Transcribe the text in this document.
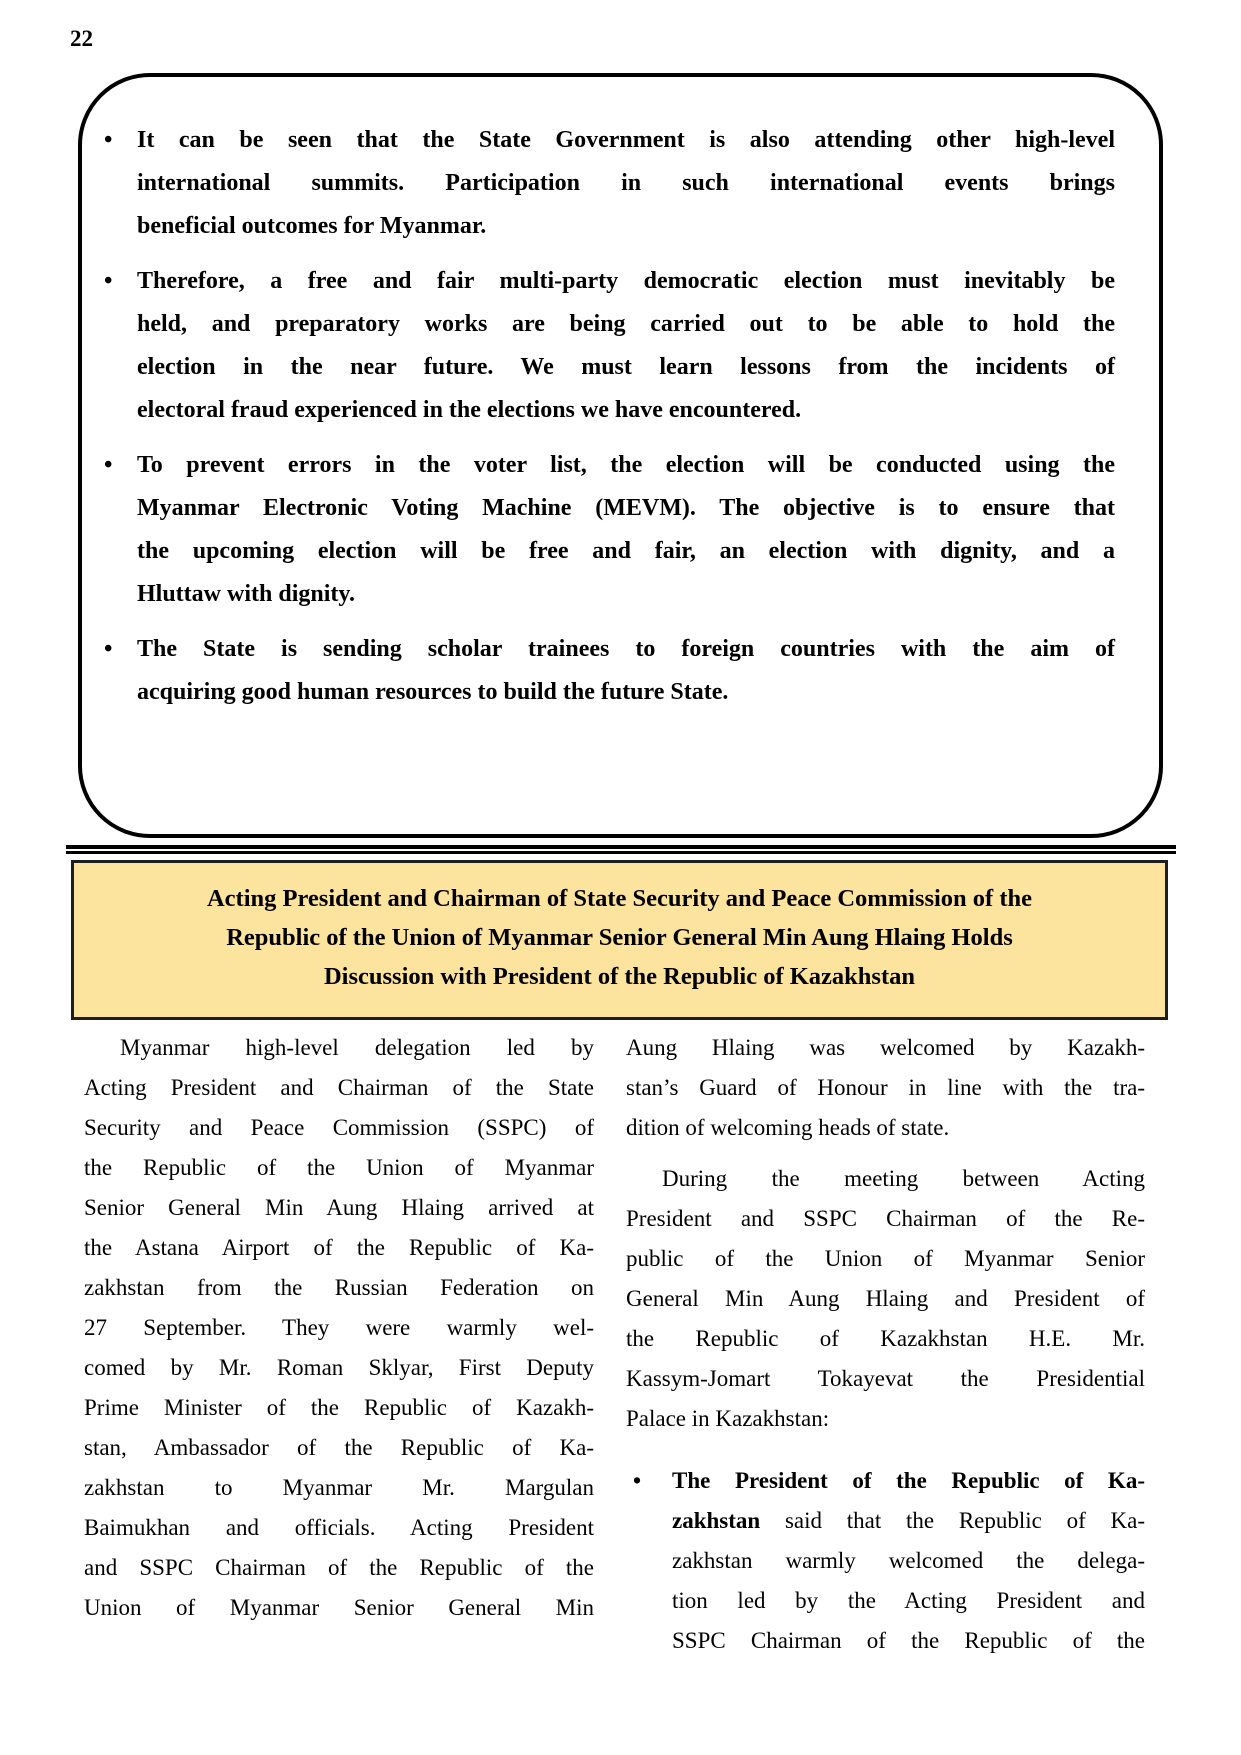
22
• It can be seen that the State Government is also attending other high-level
international summits. Participation in such international events brings
beneficial outcomes for Myanmar.
• Therefore, a free and fair multi-party democratic election must inevitably be
held, and preparatory works are being carried out to be able to hold the
election in the near future. We must learn lessons from the incidents of
electoral fraud experienced in the elections we have encountered.
• To prevent errors in the voter list, the election will be conducted using the
Myanmar Electronic Voting Machine (MEVM). The objective is to ensure that
the upcoming election will be free and fair, an election with dignity, and a
Hluttaw with dignity.
• The State is sending scholar trainees to foreign countries with the aim of
acquiring good human resources to build the future State.
Acting President and Chairman of State Security and Peace Commission of the
Republic of the Union of Myanmar Senior General Min Aung Hlaing Holds
Discussion with President of the Republic of Kazakhstan
Myanmar high-level delegation led by
Acting President and Chairman of the State
Security and Peace Commission (SSPC) of
the Republic of the Union of Myanmar
Senior General Min Aung Hlaing arrived at
the Astana Airport of the Republic of Ka-
zakhstan from the Russian Federation on
27 September. They were warmly wel-
comed by Mr. Roman Sklyar, First Deputy
Prime Minister of the Republic of Kazakh-
stan, Ambassador of the Republic of Ka-
zakhstan to Myanmar Mr. Margulan
Baimukhan and officials. Acting President
and SSPC Chairman of the Republic of the
Union of Myanmar Senior General Min
Aung Hlaing was welcomed by Kazakh-
stan’s Guard of Honour in line with the tra-
dition of welcoming heads of state.
During the meeting between Acting
President and SSPC Chairman of the Re-
public of the Union of Myanmar Senior
General Min Aung Hlaing and President of
the Republic of Kazakhstan H.E. Mr.
Kassym-Jomart Tokayevat the Presidential
Palace in Kazakhstan:
• The President of the Republic of Ka-
zakhstan said that the Republic of Ka-
zakhstan warmly welcomed the delega-
tion led by the Acting President and
SSPC Chairman of the Republic of the
